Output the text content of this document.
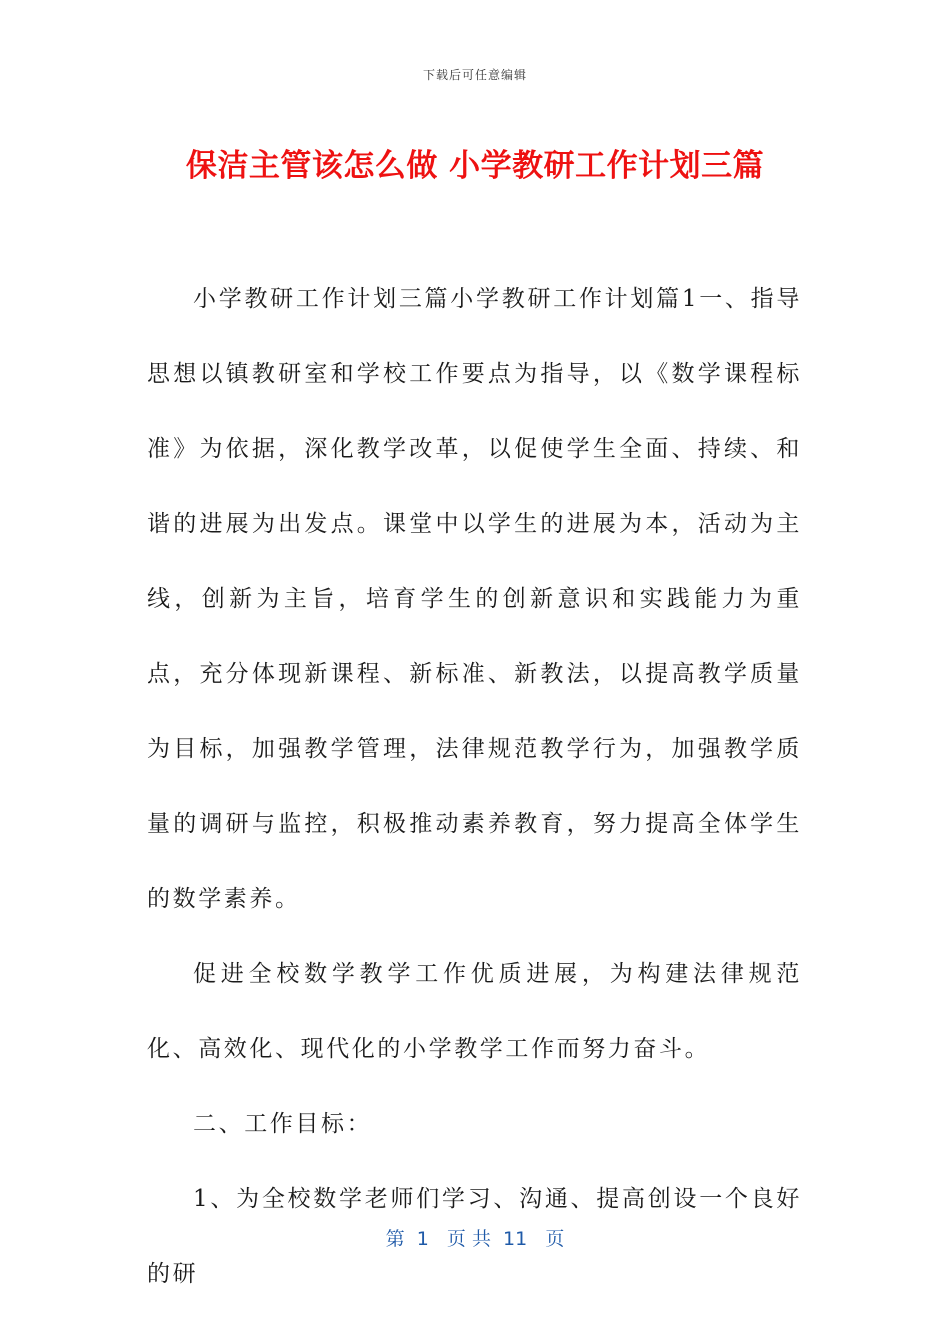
下载后可任意编辑
保洁主管该怎么做 小学教研工作计划三篇

小学教研工作计划三篇小学教研工作计划篇1一、指导思想以镇教研室和学校工作要点为指导，以《数学课程标准》为依据，深化教学改革，以促使学生全面、持续、和谐的进展为出发点。课堂中以学生的进展为本，活动为主线，创新为主旨，培育学生的创新意识和实践能力为重点，充分体现新课程、新标准、新教法，以提高教学质量为目标，加强教学管理，法律规范教学行为，加强教学质量的调研与监控，积极推动素养教育，努力提高全体学生的数学素养。

促进全校数学教学工作优质进展，为构建法律规范化、高效化、现代化的小学教学工作而努力奋斗。

二、工作目标：

1、为全校数学老师们学习、沟通、提高创设一个良好的研

第  1   页 共  11   页
